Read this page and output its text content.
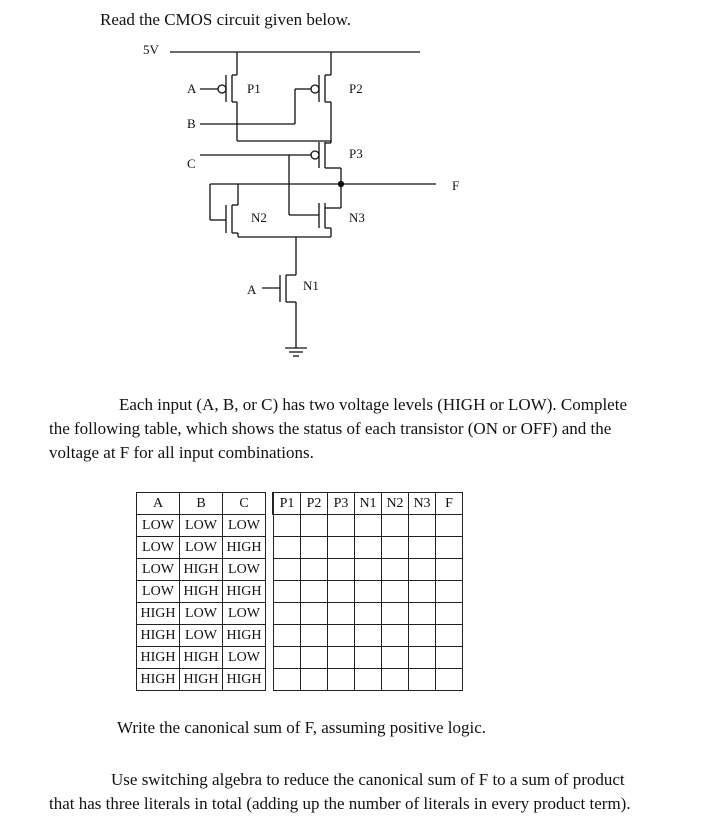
Read the CMOS circuit given below.
5V
A	P1	P2
B
P3
C
F
N2	N3
A	N1
Each input (A, B, or C) has two voltage levels (HIGH or LOW). Complete
the following table, which shows the status of each transistor (ON or OFF) and the
voltage at F for all input combinations.
A	B	C		P1	P2	P3	N1	N2	N3	F
LOW	LOW	LOW								
LOW	LOW	HIGH								
LOW	HIGH	LOW								
LOW	HIGH	HIGH								
HIGH	LOW	LOW								
HIGH	LOW	HIGH								
HIGH	HIGH	LOW								
HIGH	HIGH	HIGH								
Write the canonical sum of F, assuming positive logic.
Use switching algebra to reduce the canonical sum of F to a sum of product
that has three literals in total (adding up the number of literals in every product term).
